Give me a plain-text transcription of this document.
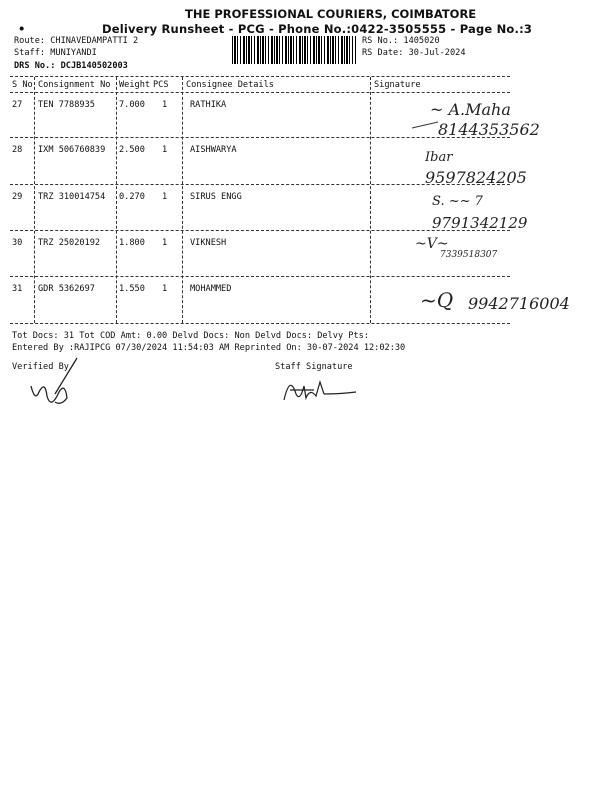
THE PROFESSIONAL COURIERS, COIMBATORE
•	Delivery Runsheet - PCG - Phone No.:0422-3505555 - Page No.:3
Route: CHINAVEDAMPATTI 2
Staff: MUNIYANDI
DRS No.: DCJB140502003
RS No.: 1405020
RS Date: 30-Jul-2024
S No Consignment No Weight PCS Consignee Details	Signature
27 TEN 7788935	7.000 1	RATHIKA	~ A.Maha
8144353562
28 IXM 506760839 2.500 1	AISHWARYA	Ibar
9597824205
29 TRZ 310014754 0.270 1	SIRUS ENGG	S. ~~ 7
9791342129
30 TRZ 25020192 1.800 1	VIKNESH	~V~
7339518307
31 GDR 5362697	1.550 1	MOHAMMED	~Q 9942716004
Tot Docs: 31 Tot COD Amt: 0.00 Delvd Docs: Non Delvd Docs: Delvy Pts:
Entered By :RAJIPCG 07/30/2024 11:54:03 AM Reprinted On: 30-07-2024 12:02:30
Verified By	Staff Signature
